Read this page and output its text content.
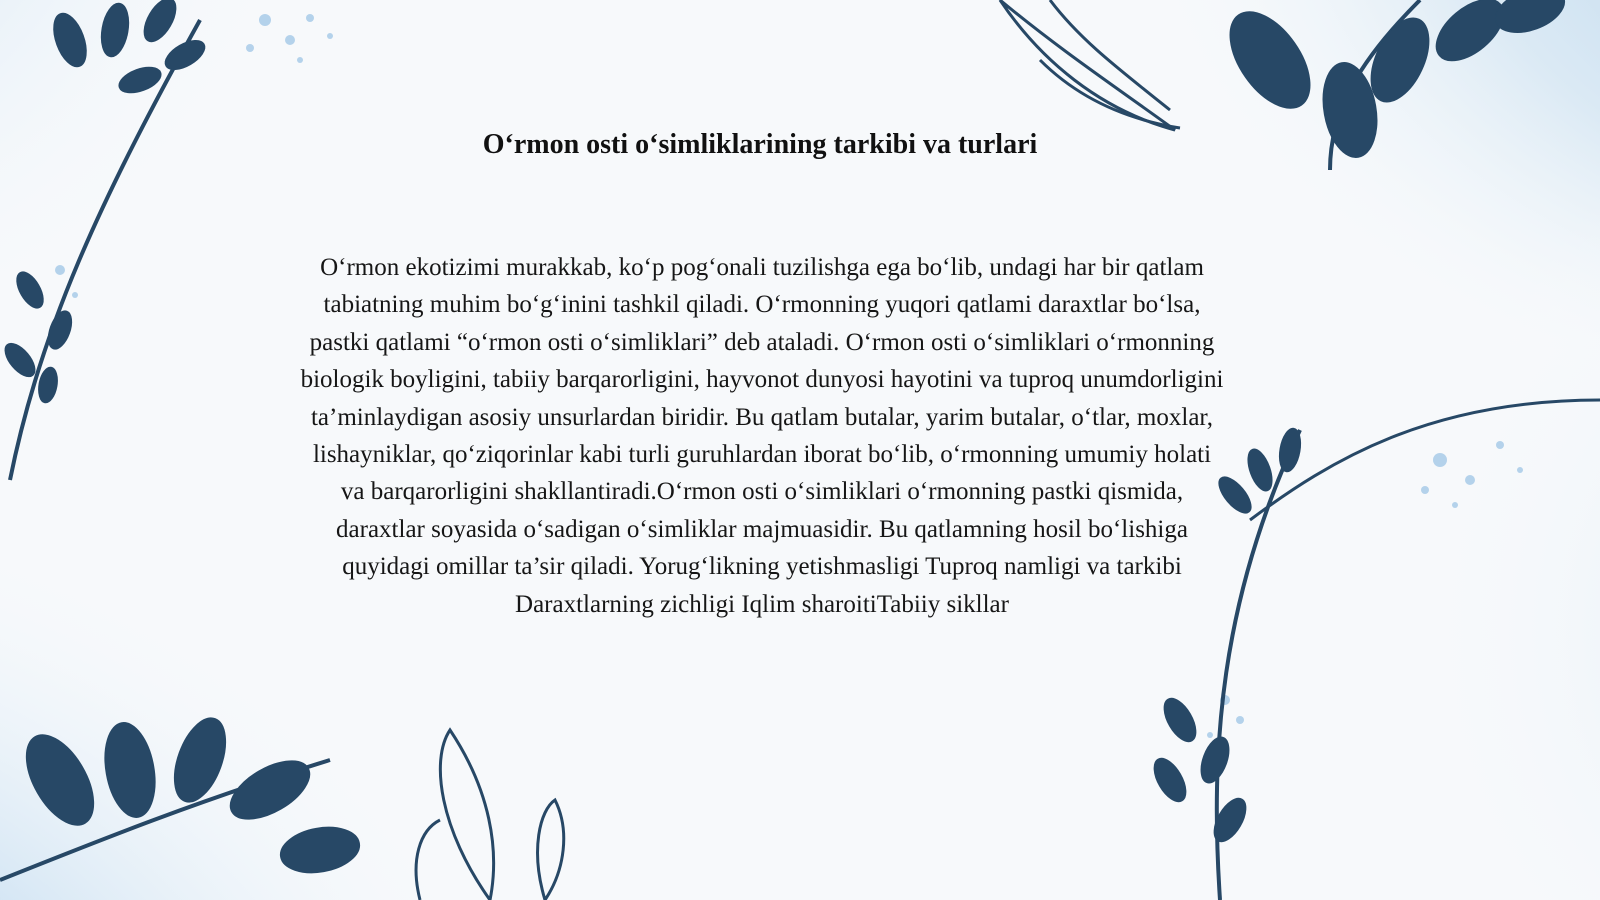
O‘rmon osti o‘simliklarining tarkibi va turlari

O‘rmon ekotizimi murakkab, ko‘p pog‘onali tuzilishga ega bo‘lib, undagi har bir qatlam
tabiatning muhim bo‘g‘inini tashkil qiladi. O‘rmonning yuqori qatlami daraxtlar bo‘lsa,
pastki qatlami “o‘rmon osti o‘simliklari” deb ataladi. O‘rmon osti o‘simliklari o‘rmonning
biologik boyligini, tabiiy barqarorligini, hayvonot dunyosi hayotini va tuproq unumdorligini
ta’minlaydigan asosiy unsurlardan biridir. Bu qatlam butalar, yarim butalar, o‘tlar, moxlar,
lishayniklar, qo‘ziqorinlar kabi turli guruhlardan iborat bo‘lib, o‘rmonning umumiy holati
va barqarorligini shakllantiradi.O‘rmon osti o‘simliklari o‘rmonning pastki qismida,
daraxtlar soyasida o‘sadigan o‘simliklar majmuasidir. Bu qatlamning hosil bo‘lishiga
quyidagi omillar ta’sir qiladi. Yorug‘likning yetishmasligi Tuproq namligi va tarkibi
Daraxtlarning zichligi Iqlim sharoitiTabiiy sikllar
